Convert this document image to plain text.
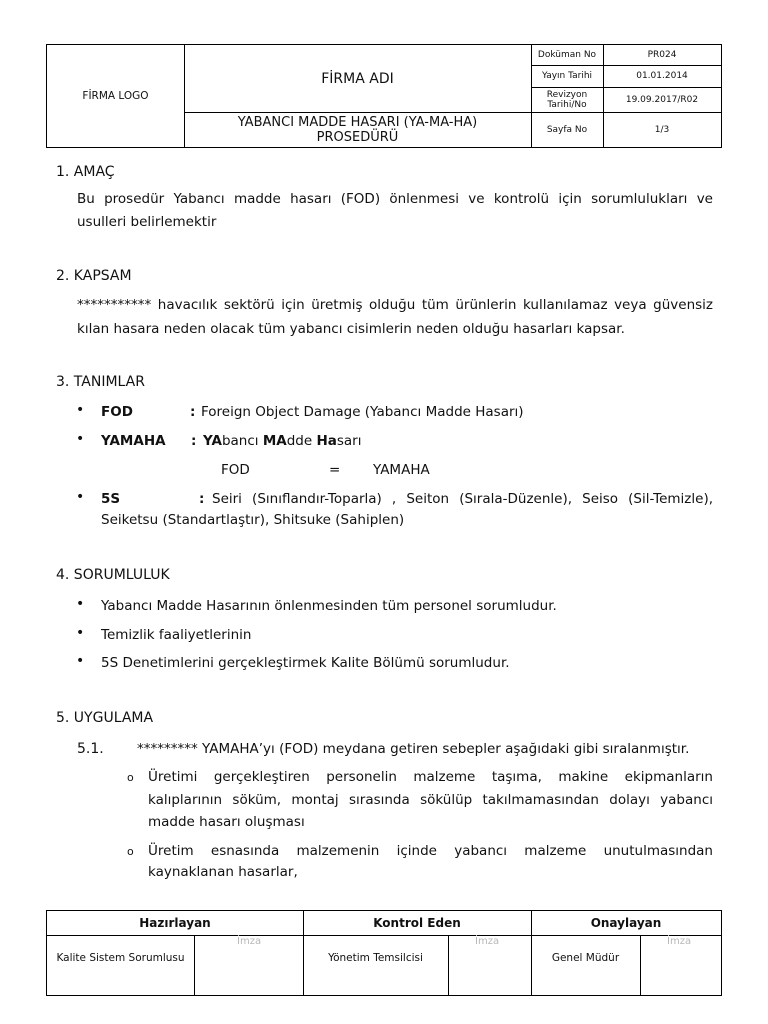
FİRMA LOGO
FİRMA ADI
YABANCI MADDE HASARI (YA-MA-HA)
PROSEDÜRÜ
Doküman No	PR024
Yayın Tarihi	01.01.2014
Revizyon
Tarihi/No	19.09.2017/R02
Sayfa No	1/3
1. AMAÇ
Bu prosedür Yabancı madde hasarı (FOD) önlenmesi ve kontrolü için sorumlulukları ve
usulleri belirlemektir
2. KAPSAM
*********** havacılık sektörü için üretmiş olduğu tüm ürünlerin kullanılamaz veya güvensiz
kılan hasara neden olacak tüm yabancı cisimlerin neden olduğu hasarları kapsar.
3. TANIMLAR
• FOD	: Foreign Object Damage (Yabancı Madde Hasarı)
• YAMAHA : YAbancı MAdde Hasarı
FOD	= YAMAHA
• 5S	: Seiri (Sınıflandır-Toparla) , Seiton (Sırala-Düzenle), Seiso (Sil-Temizle),
Seiketsu (Standartlaştır), Shitsuke (Sahiplen)
4. SORUMLULUK
• Yabancı Madde Hasarının önlenmesinden tüm personel sorumludur.
• Temizlik faaliyetlerinin
• 5S Denetimlerini gerçekleştirmek Kalite Bölümü sorumludur.
5. UYGULAMA
5.1. ********* YAMAHA’yı (FOD) meydana getiren sebepler aşağıdaki gibi sıralanmıştır.
o Üretimi gerçekleştiren personelin malzeme taşıma, makine ekipmanların
kalıplarının söküm, montaj sırasında sökülüp takılmamasından dolayı yabancı
madde hasarı oluşması
o Üretim esnasında malzemenin içinde yabancı malzeme unutulmasından
kaynaklanan hasarlar,
Hazırlayan	Kontrol Eden	Onaylayan
Kalite Sistem Sorumlusu	Yönetim Temsilcisi	Genel Müdür
İmza	İmza	İmza
